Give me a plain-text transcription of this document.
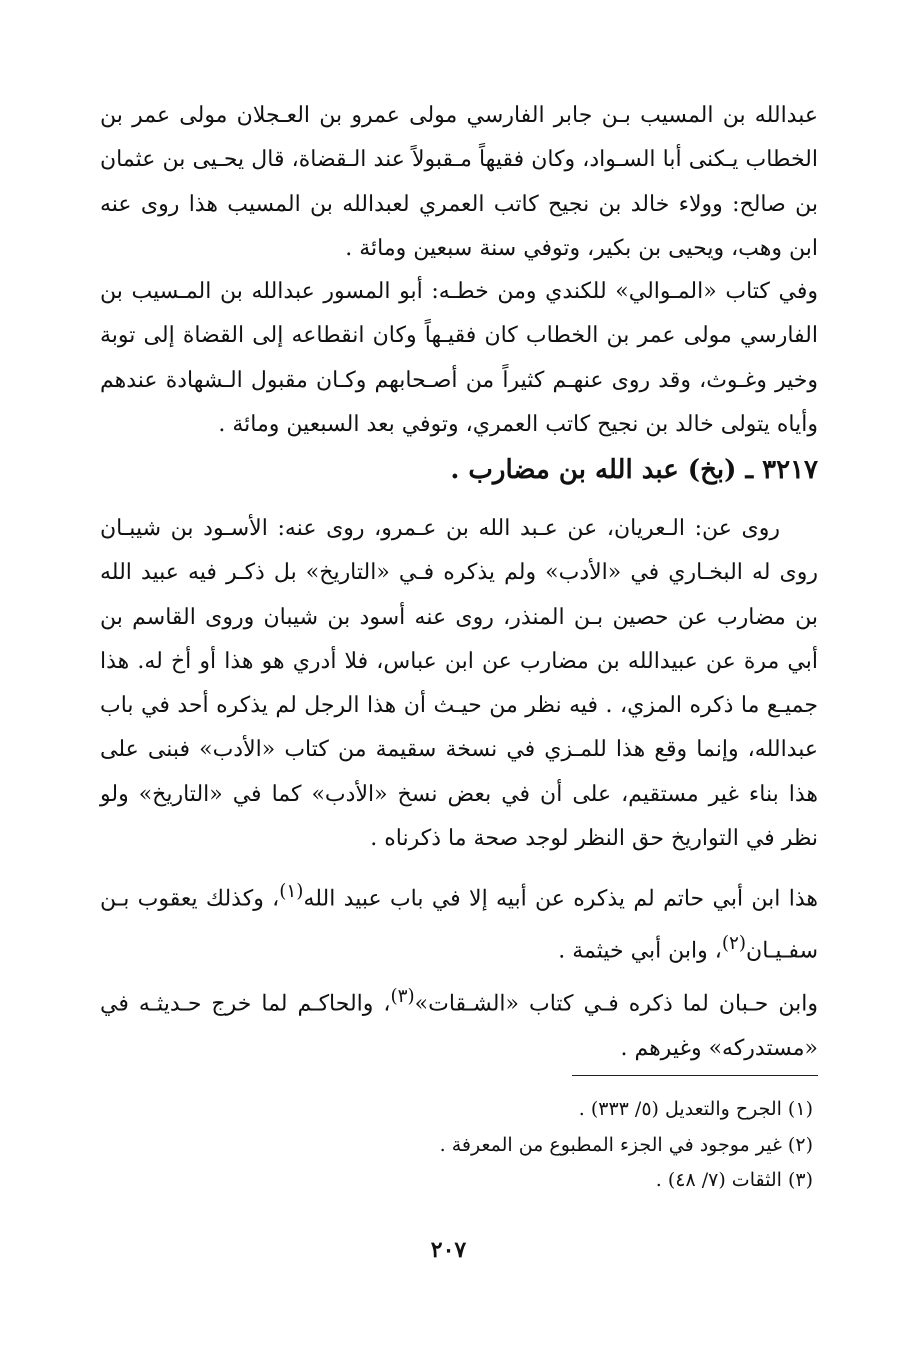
عبدالله بن المسيب بـن جابر الفارسي مولى عمرو بن العـجلان مولى عمر بن الخطاب يـكنى أبا السـواد، وكان فقيهاً مـقبولاً عند الـقضاة، قال يحـيى بن عثمان بن صالح: وولاء خالد بن نجيح كاتب العمري لعبدالله بن المسيب هذا روى عنه ابن وهب، ويحيى بن بكير، وتوفي سنة سبعين ومائة .

وفي كتاب «المـوالي» للكندي ومن خطـه: أبو المسور عبدالله بن المـسيب بن الفارسي مولى عمر بن الخطاب كان فقيـهاً وكان انقطاعه إلى القضاة إلى توبة وخير وغـوث، وقد روى عنهـم كثيراً من أصـحابهم وكـان مقبول الـشهادة عندهم وأياه يتولى خالد بن نجيح كاتب العمري، وتوفي بعد السبعين ومائة .

٣٢١٧ ـ (بخ) عبد الله بن مضارب .

روى عن: الـعريان، عن عـبد الله بن عـمرو، روى عنه: الأسـود بن شيبـان روى له البخـاري في «الأدب» ولم يذكره فـي «التاريخ» بل ذكـر فيه عبيد الله بن مضارب عن حصين بـن المنذر، روى عنه أسود بن شيبان وروى القاسم بن أبي مرة عن عبيدالله بن مضارب عن ابن عباس، فلا أدري هو هذا أو أخ له. هذا جميـع ما ذكره المزي، . فيه نظر من حيـث أن هذا الرجل لم يذكره أحد في باب عبدالله، وإنما وقع هذا للمـزي في نسخة سقيمة من كتاب «الأدب» فبنى على هذا بناء غير مستقيم، على أن في بعض نسخ «الأدب» كما في «التاريخ» ولو نظر في التواريخ حق النظر لوجد صحة ما ذكرناه .

هذا ابن أبي حاتم لم يذكره عن أبيه إلا في باب عبيد الله$^{(١)}$، وكذلك يعقوب بـن سفـيـان$^{(٢)}$، وابن أبي خيثمة .

وابن حـبان لما ذكره فـي كتاب «الشـقات»$^{(٣)}$، والحاكـم لما خرج حـديثـه في «مستدركه» وغيرهم .

(١) الجرح والتعديل (٥/ ٣٣٣) .
(٢) غير موجود في الجزء المطبوع من المعرفة .
(٣) الثقات (٧/ ٤٨) .
٢٠٧
